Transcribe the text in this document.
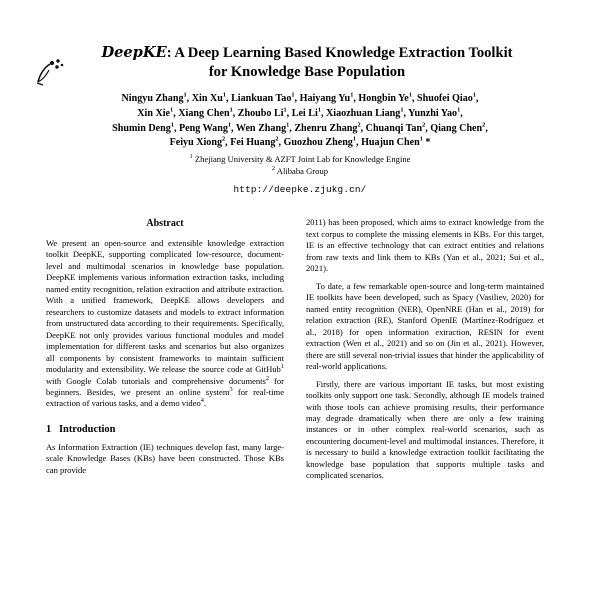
DeepKE: A Deep Learning Based Knowledge Extraction Toolkit
for Knowledge Base Population
Ningyu Zhang$^1$, Xin Xu$^1$, Liankuan Tao$^1$, Haiyang Yu$^1$, Hongbin Ye$^1$, Shuofei Qiao$^1$,
Xin Xie$^1$, Xiang Chen$^1$, Zhoubo Li$^1$, Lei Li$^1$, Xiaozhuan Liang$^1$, Yunzhi Yao$^1$,
Shumin Deng$^1$, Peng Wang$^1$, Wen Zhang$^1$, Zhenru Zhang$^2$, Chuanqi Tan$^2$, Qiang Chen$^2$,
Feiyu Xiong$^2$, Fei Huang$^2$, Guozhou Zheng$^1$, Huajun Chen$^1$ *
$^1$ Zhejiang University & AZFT Joint Lab for Knowledge Engine
$^2$ Alibaba Group
http://deepke.zjukg.cn/
Abstract

We present an open-source and extensible knowledge extraction toolkit DeepKE, supporting complicated low-resource, document-level and multimodal scenarios in knowledge base population. DeepKE implements various information extraction tasks, including named entity recognition, relation extraction and attribute extraction. With a unified framework, DeepKE allows developers and researchers to customize datasets and models to extract information from unstructured data according to their requirements. Specifically, DeepKE not only provides various functional modules and model implementation for different tasks and scenarios but also organizes all components by consistent frameworks to maintain sufficient modularity and extensibility. We release the source code at GitHub$^1$ with Google Colab tutorials and comprehensive documents$^2$ for beginners. Besides, we present an online system$^3$ for real-time extraction of various tasks, and a demo video$^4$.

1 Introduction

As Information Extraction (IE) techniques develop fast, many large-scale Knowledge Bases (KBs) have been constructed. Those KBs can provide

2011) has been proposed, which aims to extract knowledge from the text corpus to complete the missing elements in KBs. For this target, IE is an effective technology that can extract entities and relations from raw texts and link them to KBs (Yan et al., 2021; Sui et al., 2021).

To date, a few remarkable open-source and long-term maintained IE toolkits have been developed, such as Spacy (Vasiliev, 2020) for named entity recognition (NER), OpenNRE (Han et al., 2019) for relation extraction (RE), Stanford OpenIE (Martínez-Rodríguez et al., 2018) for open information extraction, RESIN for event extraction (Wen et al., 2021) and so on (Jin et al., 2021). However, there are still several non-trivial issues that hinder the applicability of real-world applications.

Firstly, there are various important IE tasks, but most existing toolkits only support one task. Secondly, although IE models trained with those tools can achieve promising results, their performance may degrade dramatically when there are only a few training instances or in other complex real-world scenarios, such as encountering document-level and multimodal instances. Therefore, it is necessary to build a knowledge extraction toolkit facilitating the knowledge base population that supports multiple tasks and complicated scenarios.
